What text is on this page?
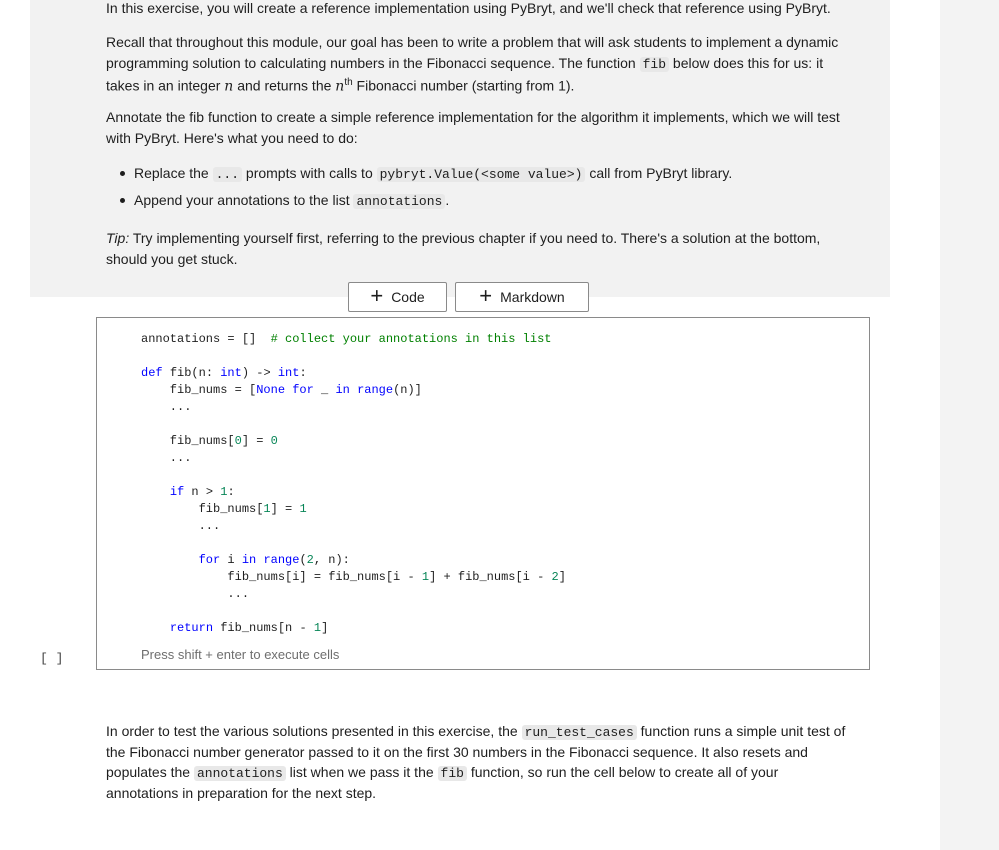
In this exercise, you will create a reference implementation using PyBryt, and we'll check that reference using PyBryt.
Recall that throughout this module, our goal has been to write a problem that will ask students to implement a dynamic
programming solution to calculating numbers in the Fibonacci sequence. The function fib below does this for us: it
takes in an integer n and returns the $n^{th}$ Fibonacci number (starting from 1).
Annotate the fib function to create a simple reference implementation for the algorithm it implements, which we will test
with PyBryt. Here's what you need to do:
Replace the ... prompts with calls to pybryt.Value(<some value>) call from PyBryt library.
Append your annotations to the list annotations .
Tip: Try implementing yourself first, referring to the previous chapter if you need to. There's a solution at the bottom,
should you get stuck.
+ Code + Markdown
[ ]
annotations = []  # collect your annotations in this list
def fib(n: int) -> int:
fib_nums = [None for _ in range(n)]
...
fib_nums[0] = 0
...
if n > 1:
fib_nums[1] = 1
...
for i in range(2, n):
fib_nums[i] = fib_nums[i - 1] + fib_nums[i - 2]
...
return fib_nums[n - 1]
Press shift + enter to execute cells
In order to test the various solutions presented in this exercise, the run_test_cases function runs a simple unit test of
the Fibonacci number generator passed to it on the first 30 numbers in the Fibonacci sequence. It also resets and
populates the annotations list when we pass it the fib function, so run the cell below to create all of your
annotations in preparation for the next step.
